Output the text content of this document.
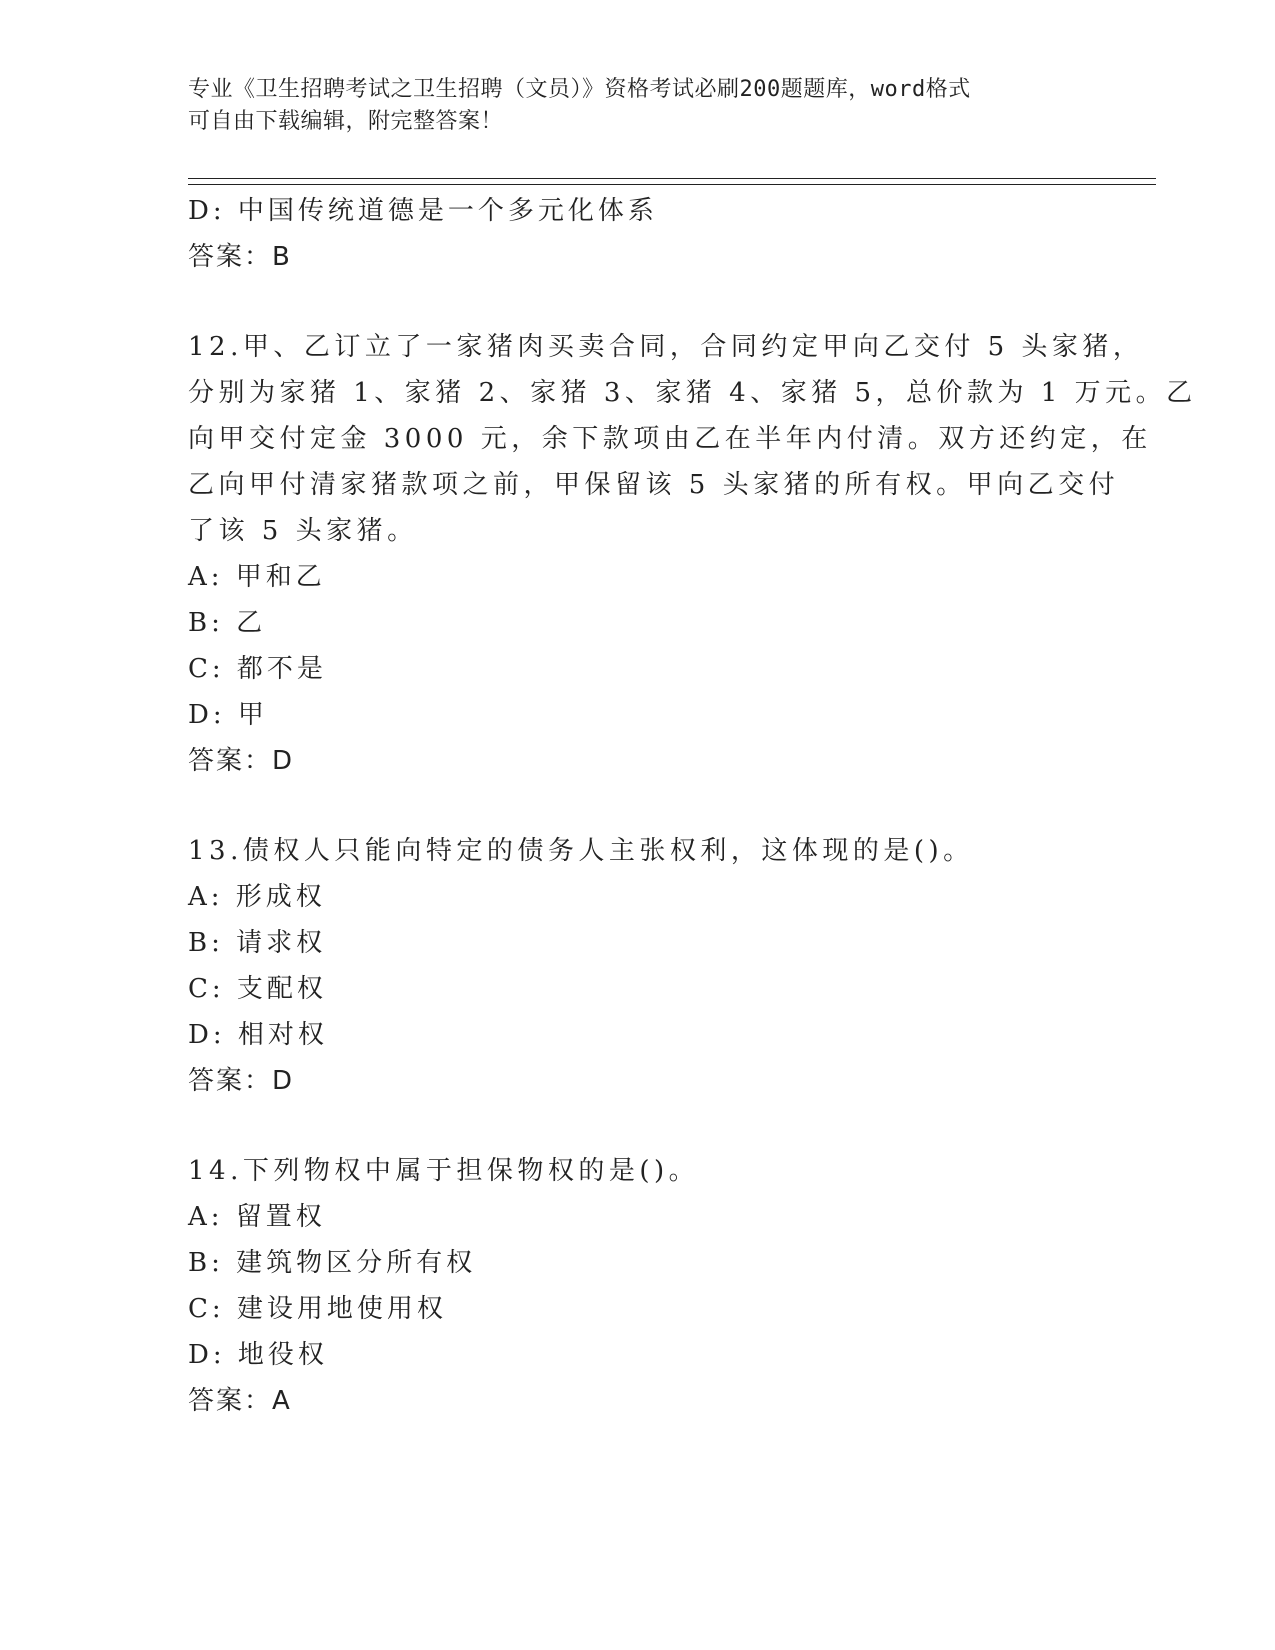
专业《卫生招聘考试之卫生招聘（文员）》资格考试必刷200题题库，word格式
可自由下载编辑，附完整答案！
D: 中国传统道德是一个多元化体系
答案：B
12.甲、乙订立了一家猪肉买卖合同，合同约定甲向乙交付 5 头家猪，
分别为家猪 1、家猪 2、家猪 3、家猪 4、家猪 5，总价款为 1 万元。乙
向甲交付定金 3000 元，余下款项由乙在半年内付清。双方还约定，在
乙向甲付清家猪款项之前，甲保留该 5 头家猪的所有权。甲向乙交付
了该 5 头家猪。
A: 甲和乙
B: 乙
C: 都不是
D: 甲
答案：D
13.债权人只能向特定的债务人主张权利，这体现的是()。
A: 形成权
B: 请求权
C: 支配权
D: 相对权
答案：D
14.下列物权中属于担保物权的是()。
A: 留置权
B: 建筑物区分所有权
C: 建设用地使用权
D: 地役权
答案：A
